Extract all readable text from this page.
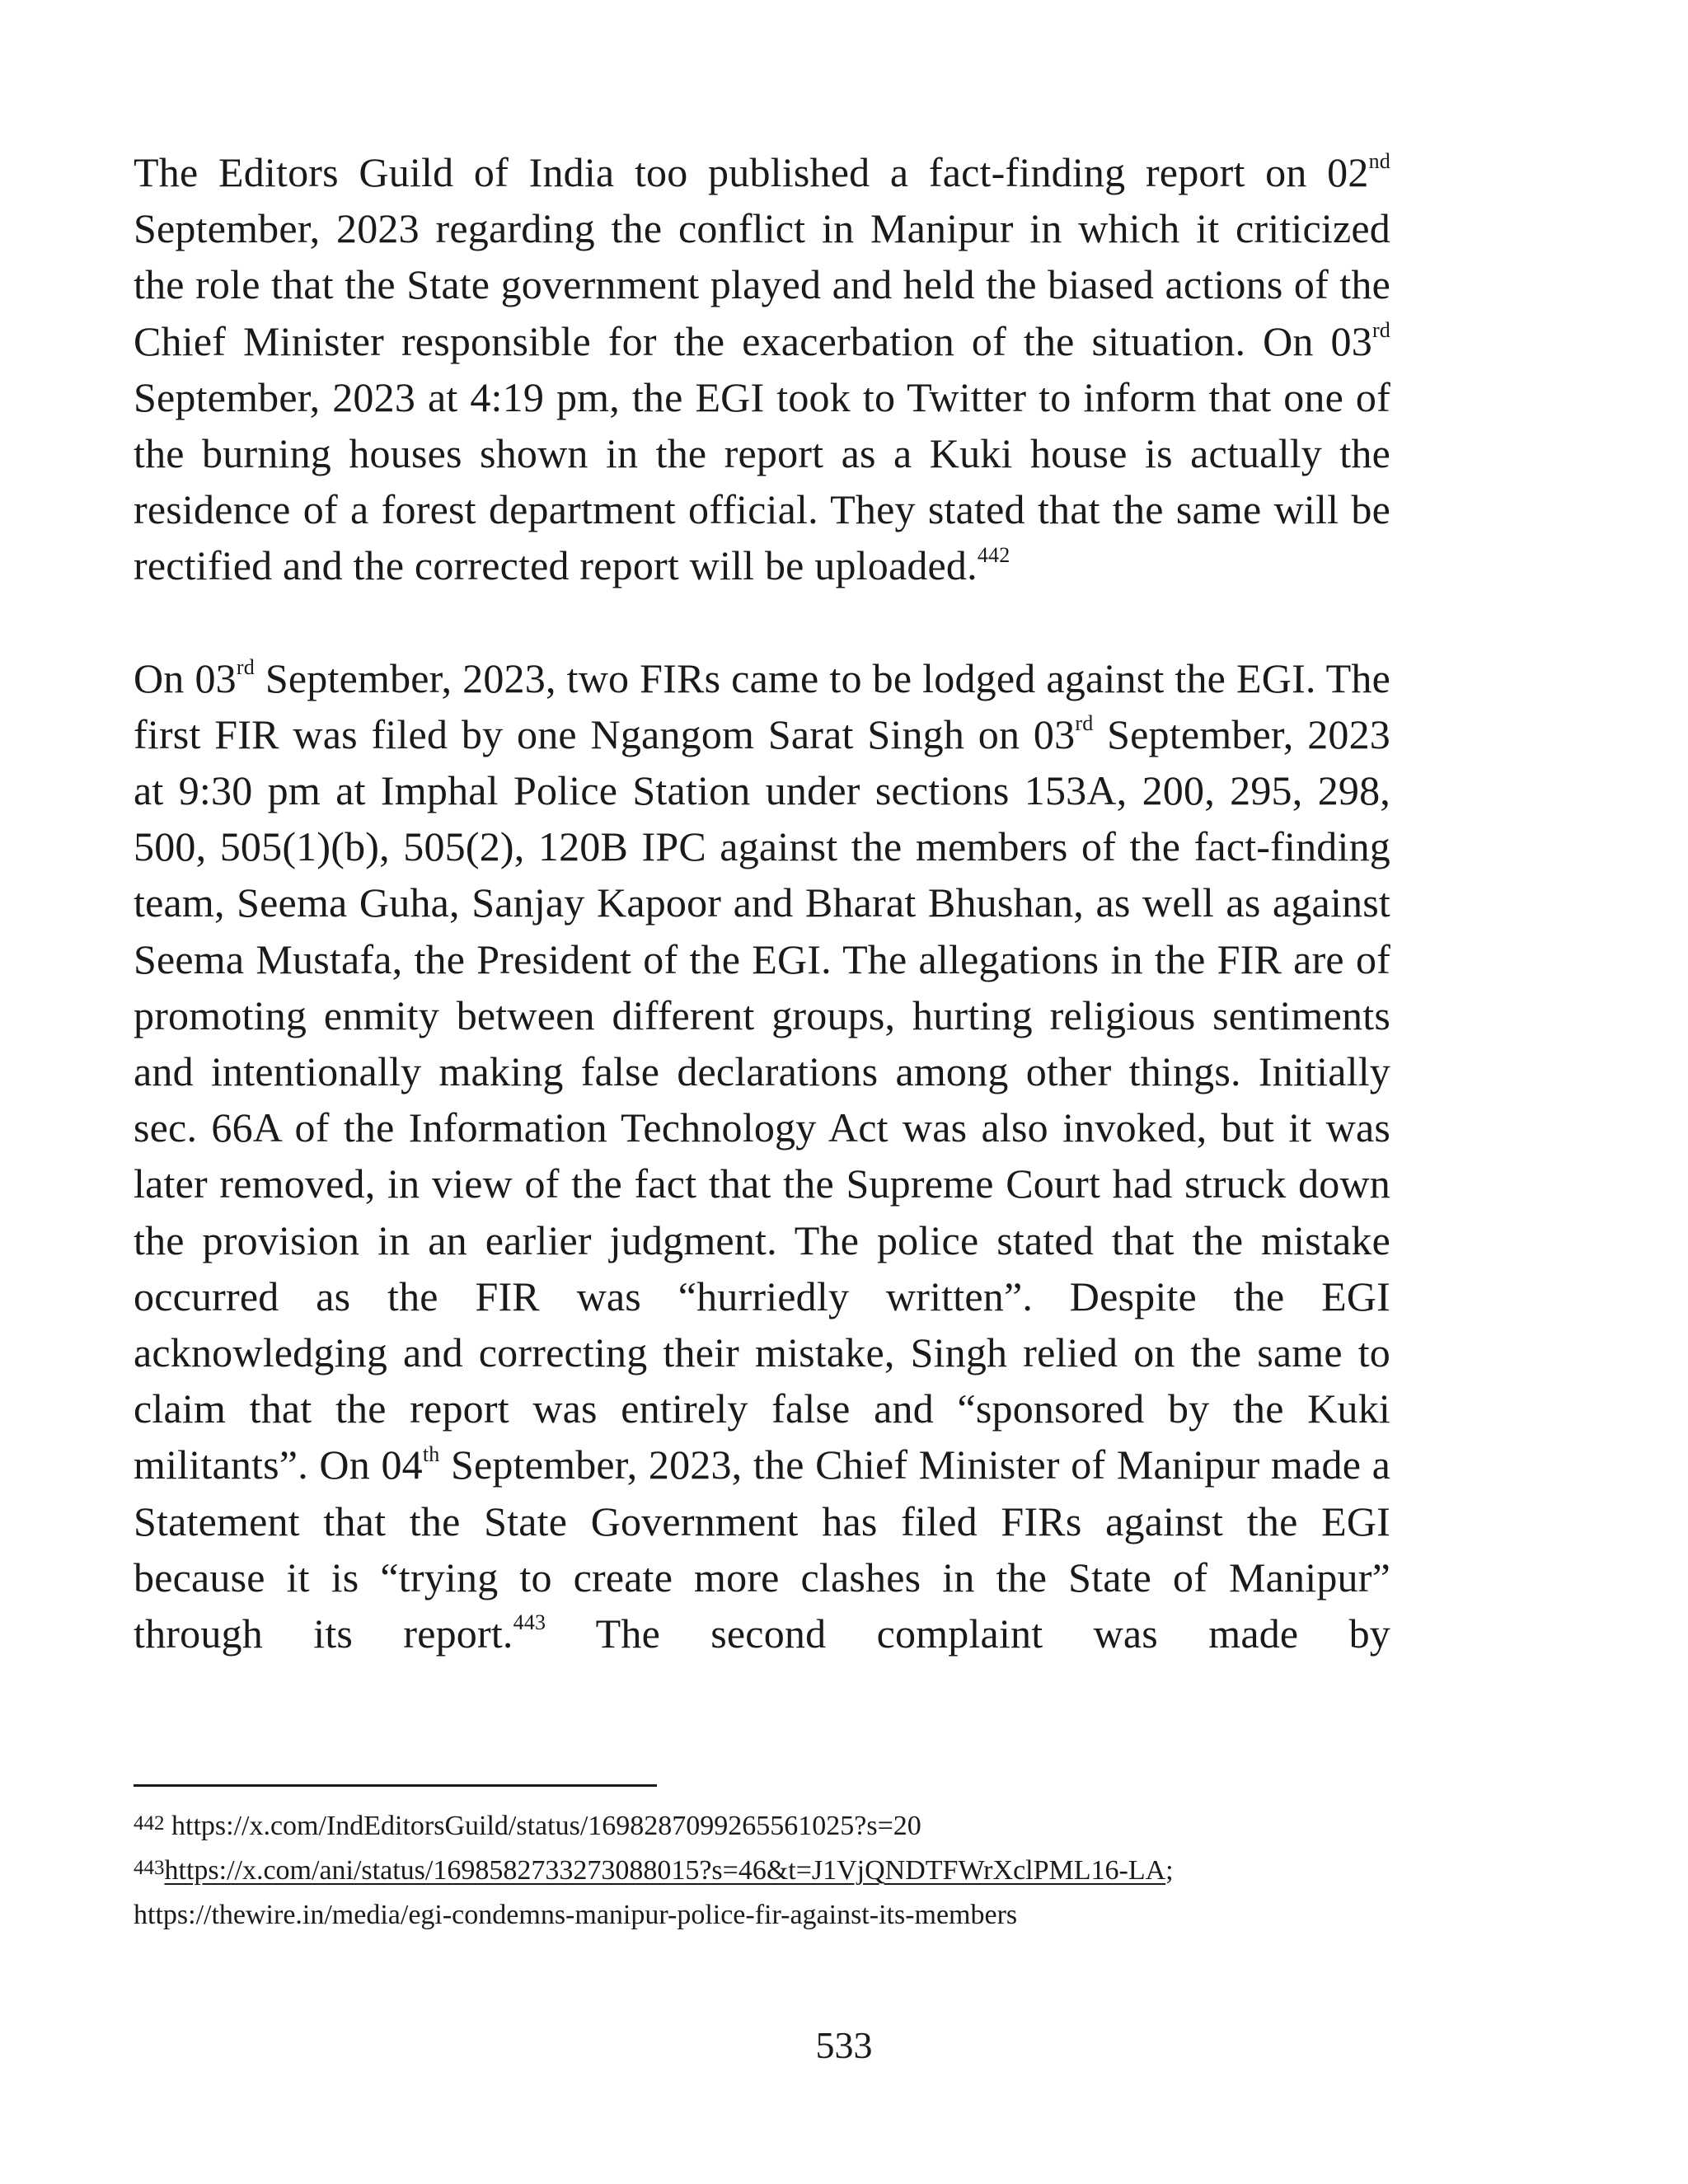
The Editors Guild of India too published a fact-finding report on 02nd September, 2023 regarding the conflict in Manipur in which it criticized the role that the State government played and held the biased actions of the Chief Minister responsible for the exacerbation of the situation. On 03rd September, 2023 at 4:19 pm, the EGI took to Twitter to inform that one of the burning houses shown in the report as a Kuki house is actually the residence of a forest department official. They stated that the same will be rectified and the corrected report will be uploaded.$^{442}$

On 03rd September, 2023, two FIRs came to be lodged against the EGI. The first FIR was filed by one Ngangom Sarat Singh on 03rd September, 2023 at 9:30 pm at Imphal Police Station under sections 153A, 200, 295, 298, 500, 505(1)(b), 505(2), 120B IPC against the members of the fact-finding team, Seema Guha, Sanjay Kapoor and Bharat Bhushan, as well as against Seema Mustafa, the President of the EGI. The allegations in the FIR are of promoting enmity between different groups, hurting religious sentiments and intentionally making false declarations among other things. Initially sec. 66A of the Information Technology Act was also invoked, but it was later removed, in view of the fact that the Supreme Court had struck down the provision in an earlier judgment. The police stated that the mistake occurred as the FIR was “hurriedly written”. Despite the EGI acknowledging and correcting their mistake, Singh relied on the same to claim that the report was entirely false and “sponsored by the Kuki militants”. On 04th September, 2023, the Chief Minister of Manipur made a Statement that the State Government has filed FIRs against the EGI because it is “trying to create more clashes in the State of Manipur” through its report.$^{443}$ The second complaint was made by

442 https://x.com/IndEditorsGuild/status/1698287099265561025?s=20
443https://x.com/ani/status/1698582733273088015?s=46&t=J1VjQNDTFWrXclPML16-LA;
https://thewire.in/media/egi-condemns-manipur-police-fir-against-its-members
533
